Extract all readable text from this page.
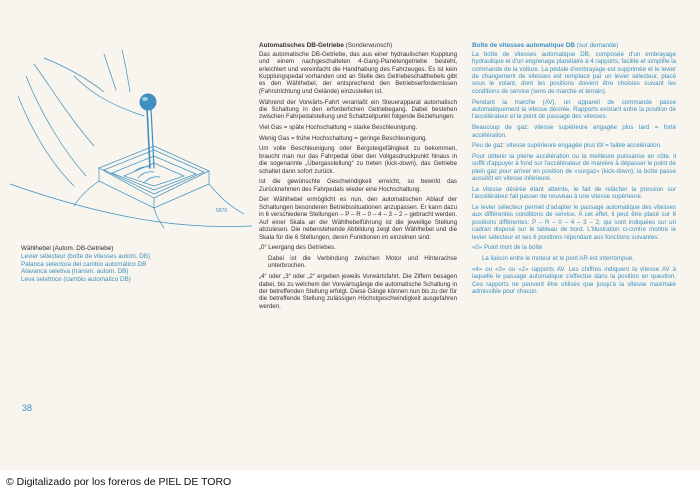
5876
Wählhebel (Autom. DB-Getriebe)
Levier sélecteur (boîte de vitesses autom. DB)
Palanca selectora del cambio automático DB
Alavanca seletiva (transm. autom. DB)
Leva selettrice (cambio automatico DB)
Automatisches DB-Getriebe (Sonderwunsch)

Das automatische DB-Getriebe, das aus einer hydraulischen Kupplung und einem nachgeschalteten 4-Gang-Planetengetriebe besteht, erleichtert und vereinfacht die Handhabung des Fahrzeuges. Es ist kein Kupplungspedal vorhanden und an Stelle des Getriebeschalthebels gibt es den Wählhebel, der entsprechend den Betriebserfordernissen (Fahrstrichtung und Gelände) einzustellen ist.

Während der Vorwärts-Fahrt veranlaßt ein Steuerapparat automatisch die Schaltung in den erforderlichen Getriebegang. Dabei bestehen zwischen Fahrpedalstellung und Schaltzeitpunkt folgende Beziehungen:

Viel Gas = späte Hochschaltung = starke Beschleunigung.

Wenig Gas = frühe Hochschaltung = geringe Beschleunigung.

Um volle Beschleunigung oder Bergsteigefähigkeit zu bekommen, braucht man nur das Fahrpedal über den Vollgasdruckpunkt hinaus in die sogenannte „Übergasstellung“ zu treten (kick-down), das Getriebe schaltet dann sofort zurück.

Ist die gewünschte Geschwindigkeit erreicht, so bewirkt das Zurücknehmen des Fahrpedals wieder eine Hochschaltung.

Der Wählhebel ermöglicht es nun, den automatischen Ablauf der Schaltungen besonderen Betriebssituationen anzupassen. Er kann dazu in 6 verschiedene Stellungen – P – R – 0 – 4 – 3 – 2 – gebracht werden. Auf einer Skala an der Wählhebelführung ist die jeweilige Stellung abzulesen. Die nebenstehende Abbildung zeigt den Wählhebel und die Skala für die 6 Stellungen, deren Funktionen im einzelnen sind:

„0“ Leergang des Getriebes.

Dabei ist die Verbindung zwischen Motor und Hinterachse unterbrochen.

„4“ oder „3“ oder „2“ ergeben jeweils Vorwärtsfahrt. Die Ziffern besagen dabei, bis zu welchem der Vorwärtsgänge die automatische Schaltung in der betreffenden Stellung erfolgt. Diese Gänge können nun bis zu der für die betreffende Stellung zulässigen Höchstgeschwindigkeit ausgefahren werden.

Boîte de vitesses automatique DB (sur demande)

La boîte de vitesses automatique DB, composée d'un embrayage hydraulique et d'un engrenage planétaire à 4 rapports, facilite et simplifie la commande de la voiture. La pédale d'embrayage est supprimée et le levier de changement de vitesses est remplacé par un levier sélecteur, placé sous le volant, dont les positions doivent être choisies suivant les conditions de service (sens de marche et terrain).

Pendant la marche (AV), un appareil de commande passe automatiquement la vitesse désirée. Rapports existant entre la position de l'accélérateur et le point de passage des vitesses:

Beaucoup de gaz: vitesse supérieure engagée plus tard = forte accélération.

Peu de gaz: vitesse supérieure engagée plus tôt = faible accélération.

Pour obtenir la pleine accélération ou la meilleure puissance en côte, il suffit d'appuyer à fond sur l'accélérateur de manière à dépasser le point de plein gaz pour arriver en position de «surgaz» (kick-down); la boîte passe aussitôt en vitesse inférieure.

La vitesse désirée étant atteinte, le fait de relâcher la pression sur l'accélérateur fait passer de nouveau à une vitesse supérieure.

Le levier sélecteur permet d'adapter le passage automatique des vitesses aux différentes conditions de service. A cet effet, il peut être placé sur 6 positions différentes: P – R – 0 – 4 – 3 – 2, qui sont indiquées sur un cadran disposé sur le tableau de bord. L'illustration ci-contre montre le levier sélecteur et ses 6 positions répondant aux fonctions suivantes:

«0» Point mort de la boîte

La liaison entre le moteur et le pont AR est interrompue.

«4» ou «3» ou «2» rapports AV. Les chiffres indiquent la vitesse AV à laquelle le passage automatique s'effectue dans la position en question. Ces rapports ne peuvent être utilisés que jusqu'à la vitesse maximale admissible pour chacun.

38
© Digitalizado por los foreros de PIEL DE TORO
